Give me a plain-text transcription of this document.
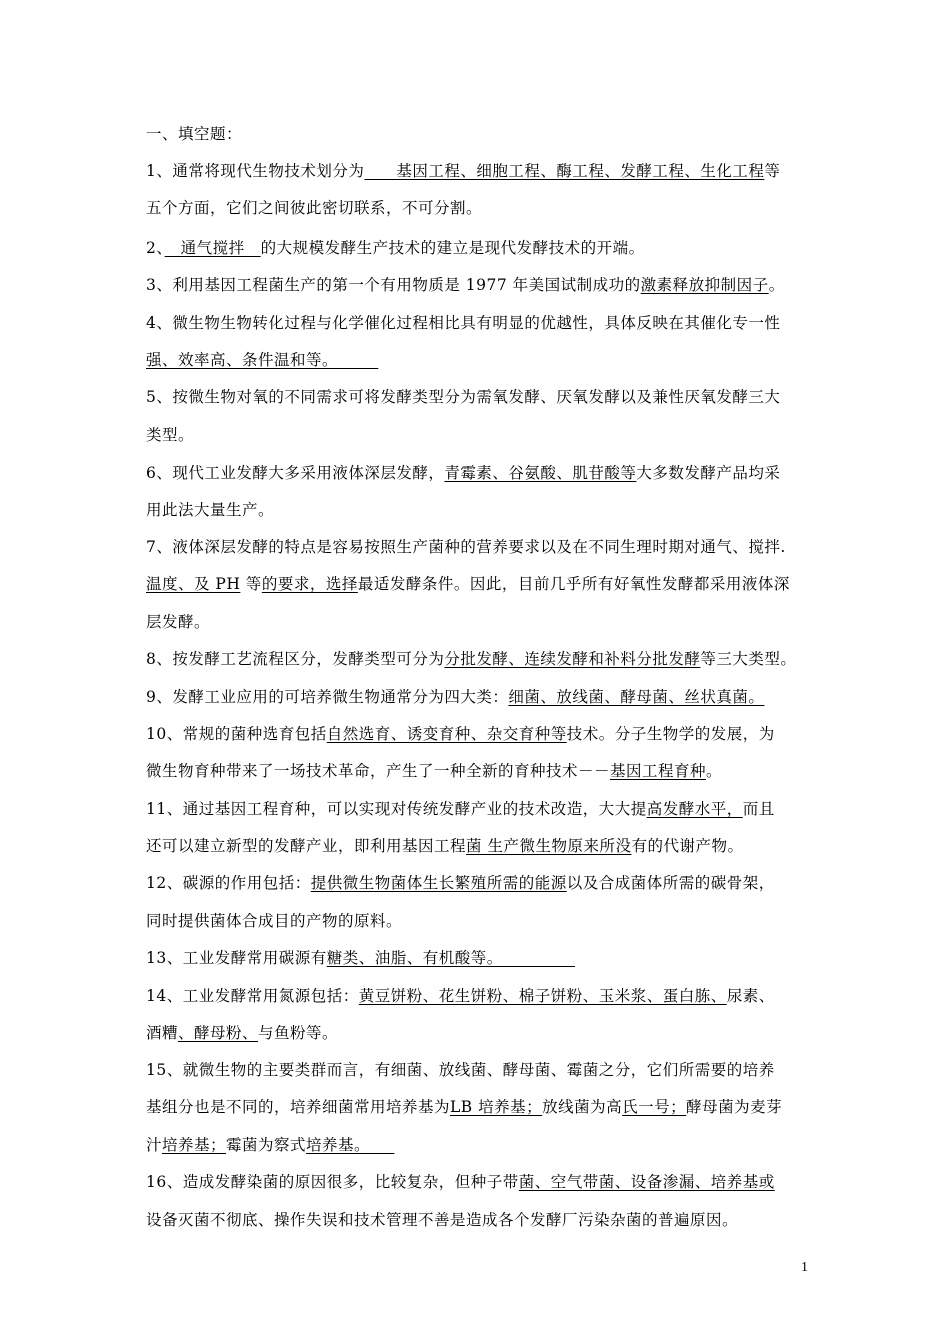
一、填空题：
1、通常将现代生物技术划分为　　基因工程、细胞工程、酶工程、发酵工程、生化工程等
五个方面，它们之间彼此密切联系，不可分割。
2、　通气搅拌　的大规模发酵生产技术的建立是现代发酵技术的开端。
3、利用基因工程菌生产的第一个有用物质是 1977 年美国试制成功的激素释放抑制因子。
4、微生物生物转化过程与化学催化过程相比具有明显的优越性，具体反映在其催化专一性
强、效率高、条件温和等。　　　
5、按微生物对氧的不同需求可将发酵类型分为需氧发酵、厌氧发酵以及兼性厌氧发酵三大
类型。
6、现代工业发酵大多采用液体深层发酵，青霉素、谷氨酸、肌苷酸等大多数发酵产品均采
用此法大量生产。
7、液体深层发酵的特点是容易按照生产菌种的营养要求以及在不同生理时期对通气、搅拌.
温度、及 PH 等的要求，选择最适发酵条件。因此，目前几乎所有好氧性发酵都采用液体深
层发酵。
8、按发酵工艺流程区分，发酵类型可分为分批发酵、连续发酵和补料分批发酵等三大类型。
9、发酵工业应用的可培养微生物通常分为四大类：细菌、放线菌、酵母菌、丝状真菌。
10、常规的菌种选育包括自然选育、诱变育种、杂交育种等技术。分子生物学的发展，为
微生物育种带来了一场技术革命，产生了一种全新的育种技术－－基因工程育种。
11、通过基因工程育种，可以实现对传统发酵产业的技术改造，大大提高发酵水平，而且
还可以建立新型的发酵产业，即利用基因工程菌 生产微生物原来所没有的代谢产物。
12、碳源的作用包括：提供微生物菌体生长繁殖所需的能源以及合成菌体所需的碳骨架，
同时提供菌体合成目的产物的原料。
13、工业发酵常用碳源有糖类、油脂、有机酸等。　　　　　
14、工业发酵常用氮源包括：黄豆饼粉、花生饼粉、棉子饼粉、玉米浆、蛋白胨、尿素、
酒糟、酵母粉、与鱼粉等。
15、就微生物的主要类群而言，有细菌、放线菌、酵母菌、霉菌之分，它们所需要的培养
基组分也是不同的，培养细菌常用培养基为LB 培养基；放线菌为高氏一号；酵母菌为麦芽
汁培养基；霉菌为察式培养基。　　
16、造成发酵染菌的原因很多，比较复杂，但种子带菌、空气带菌、设备渗漏、培养基或
设备灭菌不彻底、操作失误和技术管理不善是造成各个发酵厂污染杂菌的普遍原因。
1
